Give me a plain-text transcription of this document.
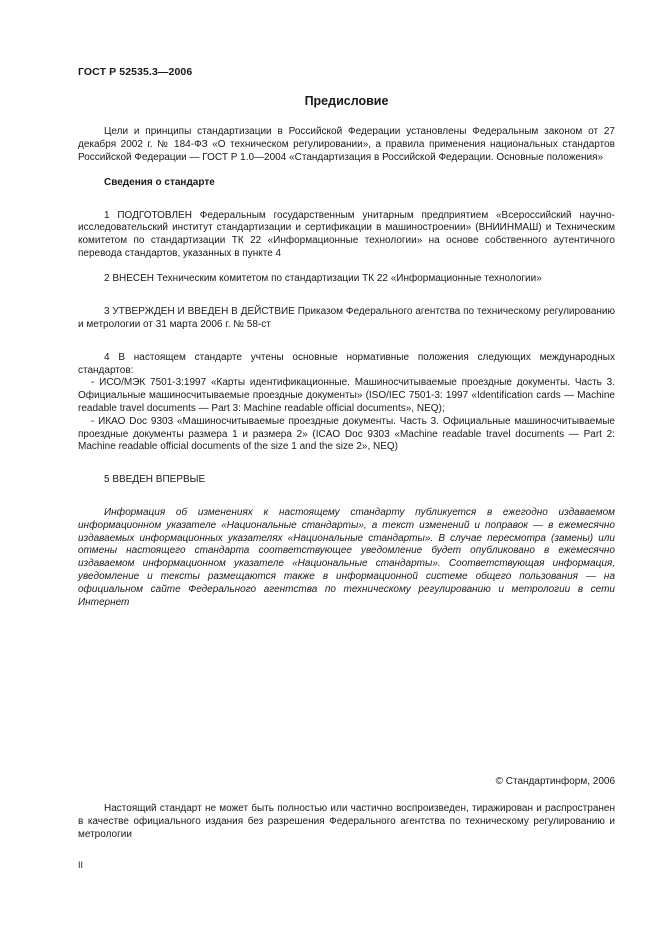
ГОСТ Р 52535.3—2006
Предисловие

Цели и принципы стандартизации в Российской Федерации установлены Федеральным законом от 27 декабря 2002 г. № 184-ФЗ «О техническом регулировании», а правила применения национальных стандартов Российской Федерации — ГОСТ Р 1.0—2004 «Стандартизация в Российской Федерации. Основные положения»

Сведения о стандарте

1 ПОДГОТОВЛЕН Федеральным государственным унитарным предприятием «Всероссийский научно-исследовательский институт стандартизации и сертификации в машиностроении» (ВНИИНМАШ) и Техническим комитетом по стандартизации ТК 22 «Информационные технологии» на основе собственного аутентичного перевода стандартов, указанных в пункте 4

2 ВНЕСЕН Техническим комитетом по стандартизации ТК 22 «Информационные технологии»

3 УТВЕРЖДЕН И ВВЕДЕН В ДЕЙСТВИЕ Приказом Федерального агентства по техническому регулированию и метрологии от 31 марта 2006 г. № 58-ст

4 В настоящем стандарте учтены основные нормативные положения следующих международных стандартов:

- ИСО/МЭК 7501-3:1997 «Карты идентификационные. Машиносчитываемые проездные документы. Часть 3. Официальные машиносчитываемые проездные документы» (ISO/IEC 7501-3: 1997 «Identification cards — Machine readable travel documents — Part 3: Machine readable official documents», NEQ);

- ИКАО Doc 9303 «Машиносчитываемые проездные документы. Часть 3. Официальные машиносчитываемые проездные документы размера 1 и размера 2» (ICAO Doc 9303 «Machine readable travel documents — Part 2: Machine readable official documents of the size 1 and the size 2», NEQ)

5 ВВЕДЕН ВПЕРВЫЕ

Информация об изменениях к настоящему стандарту публикуется в ежегодно издаваемом информационном указателе «Национальные стандарты», а текст изменений и поправок — в ежемесячно издаваемых информационных указателях «Национальные стандарты». В случае пересмотра (замены) или отмены настоящего стандарта соответствующее уведомление будет опубликовано в ежемесячно издаваемом информационном указателе «Национальные стандарты». Соответствующая информация, уведомление и тексты размещаются также в информационной системе общего пользования — на официальном сайте Федерального агентства по техническому регулированию и метрологии в сети Интернет

© Стандартинформ, 2006

Настоящий стандарт не может быть полностью или частично воспроизведен, тиражирован и распространен в качестве официального издания без разрешения Федерального агентства по техническому регулированию и метрологии

II
